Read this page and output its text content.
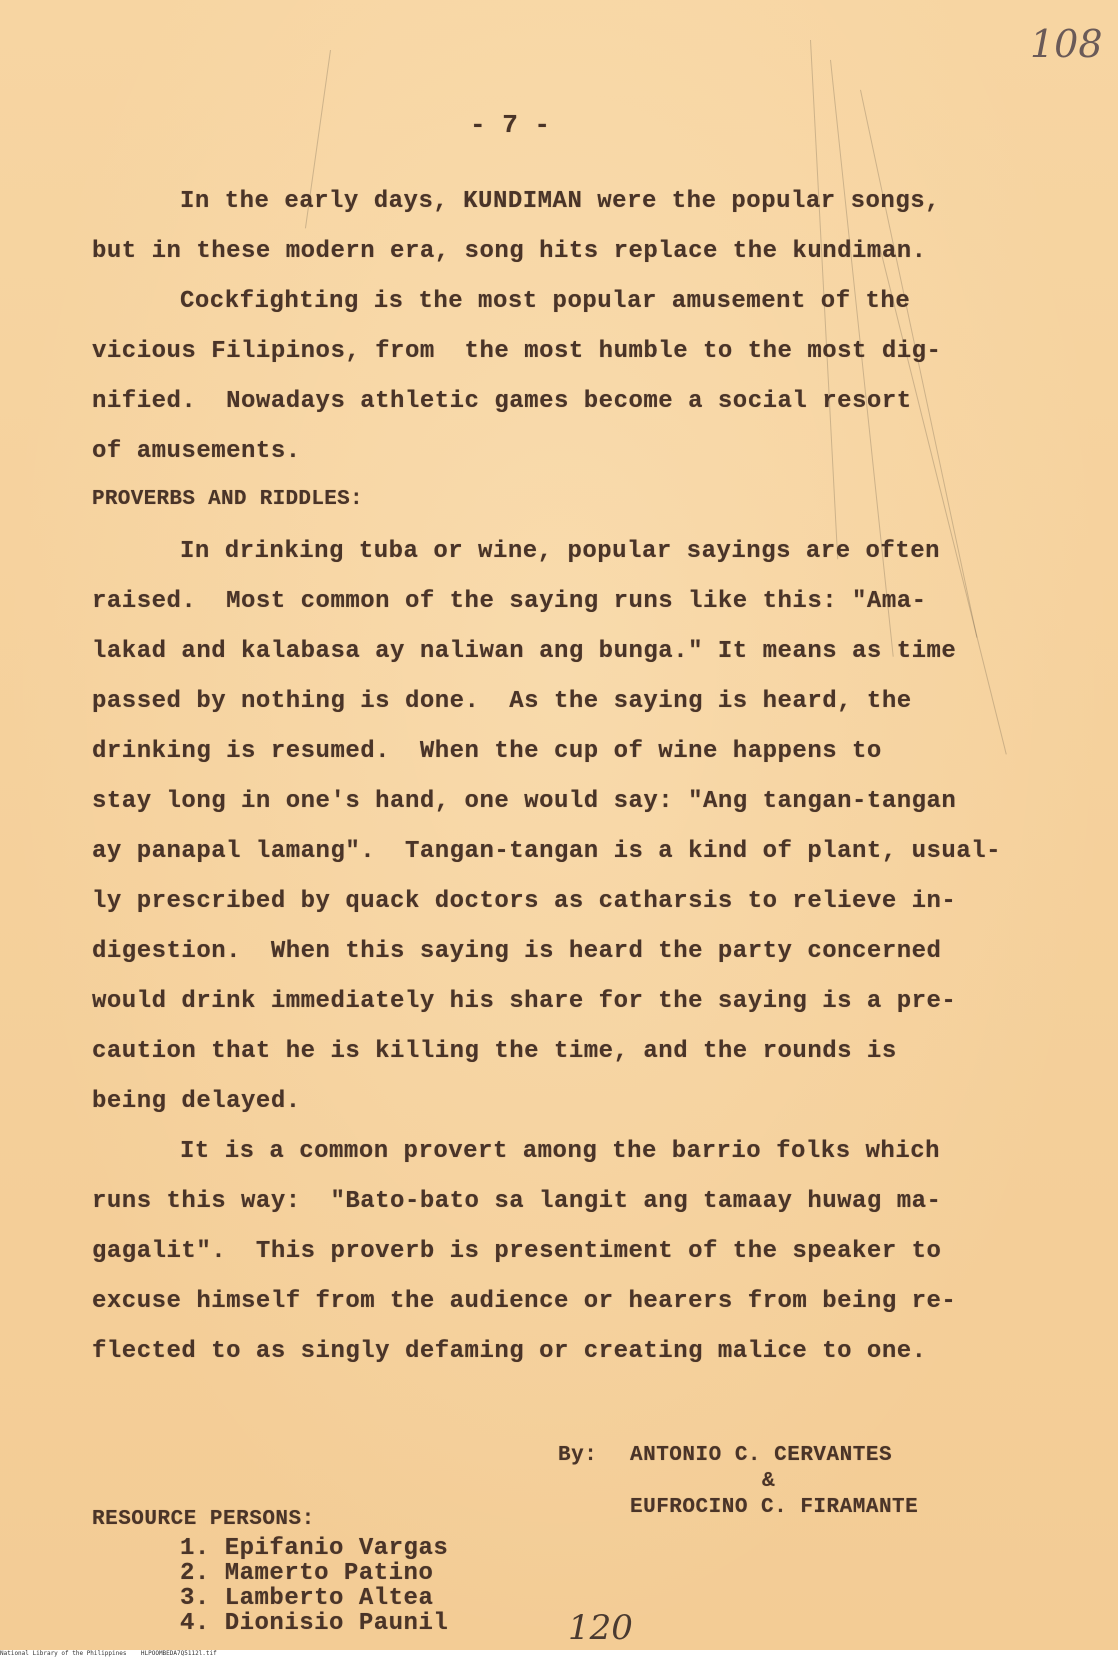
108
- 7 -
In the early days, KUNDIMAN were the popular songs,
but in these modern era, song hits replace the kundiman.
Cockfighting is the most popular amusement of the
vicious Filipinos, from  the most humble to the most dig-
nified.  Nowadays athletic games become a social resort
of amusements.
PROVERBS AND RIDDLES:
In drinking tuba or wine, popular sayings are often
raised.  Most common of the saying runs like this: "Ama-
lakad and kalabasa ay naliwan ang bunga." It means as time
passed by nothing is done.  As the saying is heard, the
drinking is resumed.  When the cup of wine happens to
stay long in one's hand, one would say: "Ang tangan-tangan
ay panapal lamang".  Tangan-tangan is a kind of plant, usual-
ly prescribed by quack doctors as catharsis to relieve in-
digestion.  When this saying is heard the party concerned
would drink immediately his share for the saying is a pre-
caution that he is killing the time, and the rounds is
being delayed.
It is a common provert among the barrio folks which
runs this way:  "Bato-bato sa langit ang tamaay huwag ma-
gagalit".  This proverb is presentiment of the speaker to
excuse himself from the audience or hearers from being re-
flected to as singly defaming or creating malice to one.
By: ANTONIO C. CERVANTES
&
EUFROCINO C. FIRAMANTE
RESOURCE PERSONS:
1. Epifanio Vargas
2. Mamerto Patino
3. Lamberto Altea
4. Dionisio Paunil	120
National Library of the Philippines    HLPOOMBEDA7Q5112l.tif
